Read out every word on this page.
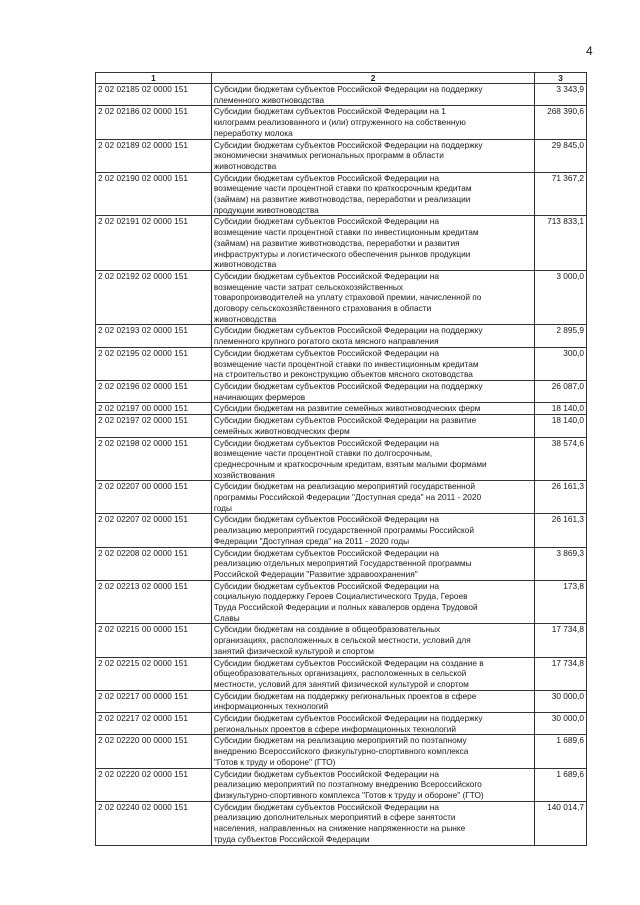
4
1	2	3
2 02 02185 02 0000 151	Субсидии бюджетам субъектов Российской Федерации на поддержку
племенного животноводства	3 343,9
2 02 02186 02 0000 151	Субсидии бюджетам субъектов Российской Федерации на 1
килограмм реализованного и (или) отгруженного на собственную
переработку молока	268 390,6
2 02 02189 02 0000 151	Субсидии бюджетам субъектов Российской Федерации на поддержку
экономически значимых региональных программ в области
животноводства	29 845,0
2 02 02190 02 0000 151	Субсидии бюджетам субъектов Российской Федерации на
возмещение части процентной ставки по краткосрочным кредитам
(займам) на развитие животноводства, переработки и реализации
продукции животноводства	71 367,2
2 02 02191 02 0000 151	Субсидии бюджетам субъектов Российской Федерации на
возмещение части процентной ставки по инвестиционным кредитам
(займам) на развитие животноводства, переработки и развития
инфраструктуры и логистического обеспечения рынков продукции
животноводства	713 833,1
2 02 02192 02 0000 151	Субсидии бюджетам субъектов Российской Федерации на
возмещение части затрат сельскохозяйственных
товаропроизводителей на уплату страховой премии, начисленной по
договору сельскохозяйственного страхования в области
животноводства	3 000,0
2 02 02193 02 0000 151	Субсидии бюджетам субъектов Российской Федерации на поддержку
племенного крупного рогатого скота мясного направления	2 895,9
2 02 02195 02 0000 151	Субсидии бюджетам субъектов Российской Федерации на
возмещение части процентной ставки по инвестиционным кредитам
на строительство и реконструкцию объектов мясного скотоводства	300,0
2 02 02196 02 0000 151	Субсидии бюджетам субъектов Российской Федерации на поддержку
начинающих фермеров	26 087,0
2 02 02197 00 0000 151	Субсидии бюджетам на развитие семейных животноводческих ферм	18 140,0
2 02 02197 02 0000 151	Субсидии бюджетам субъектов Российской Федерации на развитие
семейных животноводческих ферм	18 140,0
2 02 02198 02 0000 151	Субсидии бюджетам субъектов Российской Федерации на
возмещение части процентной ставки по долгосрочным,
среднесрочным и краткосрочным кредитам, взятым малыми формами
хозяйствования	38 574,6
2 02 02207 00 0000 151	Субсидии бюджетам на реализацию мероприятий государственной
программы Российской Федерации "Доступная среда" на 2011 - 2020
годы	26 161,3
2 02 02207 02 0000 151	Субсидии бюджетам субъектов Российской Федерации на
реализацию мероприятий государственной программы Российской
Федерации "Доступная среда" на 2011 - 2020 годы	26 161,3
2 02 02208 02 0000 151	Субсидии бюджетам субъектов Российской Федерации на
реализацию отдельных мероприятий Государственной программы
Российской Федерации "Развитие здравоохранения"	3 869,3
2 02 02213 02 0000 151	Субсидии бюджетам субъектов Российской Федерации на
социальную поддержку Героев Социалистического Труда, Героев
Труда Российской Федерации и полных кавалеров ордена Трудовой
Славы	173,8
2 02 02215 00 0000 151	Субсидии бюджетам на создание в общеобразовательных
организациях, расположенных в сельской местности, условий для
занятий физической культурой и спортом	17 734,8
2 02 02215 02 0000 151	Субсидии бюджетам субъектов Российской Федерации на создание в
общеобразовательных организациях, расположенных в сельской
местности, условий для занятий физической культурой и спортом	17 734,8
2 02 02217 00 0000 151	Субсидии бюджетам на поддержку региональных проектов в сфере
информационных технологий	30 000,0
2 02 02217 02 0000 151	Субсидии бюджетам субъектов Российской Федерации на поддержку
региональных проектов в сфере информационных технологий	30 000,0
2 02 02220 00 0000 151	Субсидии бюджетам на реализацию мероприятий по поэтапному
внедрению Всероссийского физкультурно-спортивного комплекса
"Готов к труду и обороне" (ГТО)	1 689,6
2 02 02220 02 0000 151	Субсидии бюджетам субъектов Российской Федерации на
реализацию мероприятий по поэтапному внедрению Всероссийского
физкультурно-спортивного комплекса "Готов к труду и обороне" (ГТО)	1 689,6
2 02 02240 02 0000 151	Субсидии бюджетам субъектов Российской Федерации на
реализацию дополнительных мероприятий в сфере занятости
населения, направленных на снижение напряженности на рынке
труда субъектов Российской Федерации	140 014,7
